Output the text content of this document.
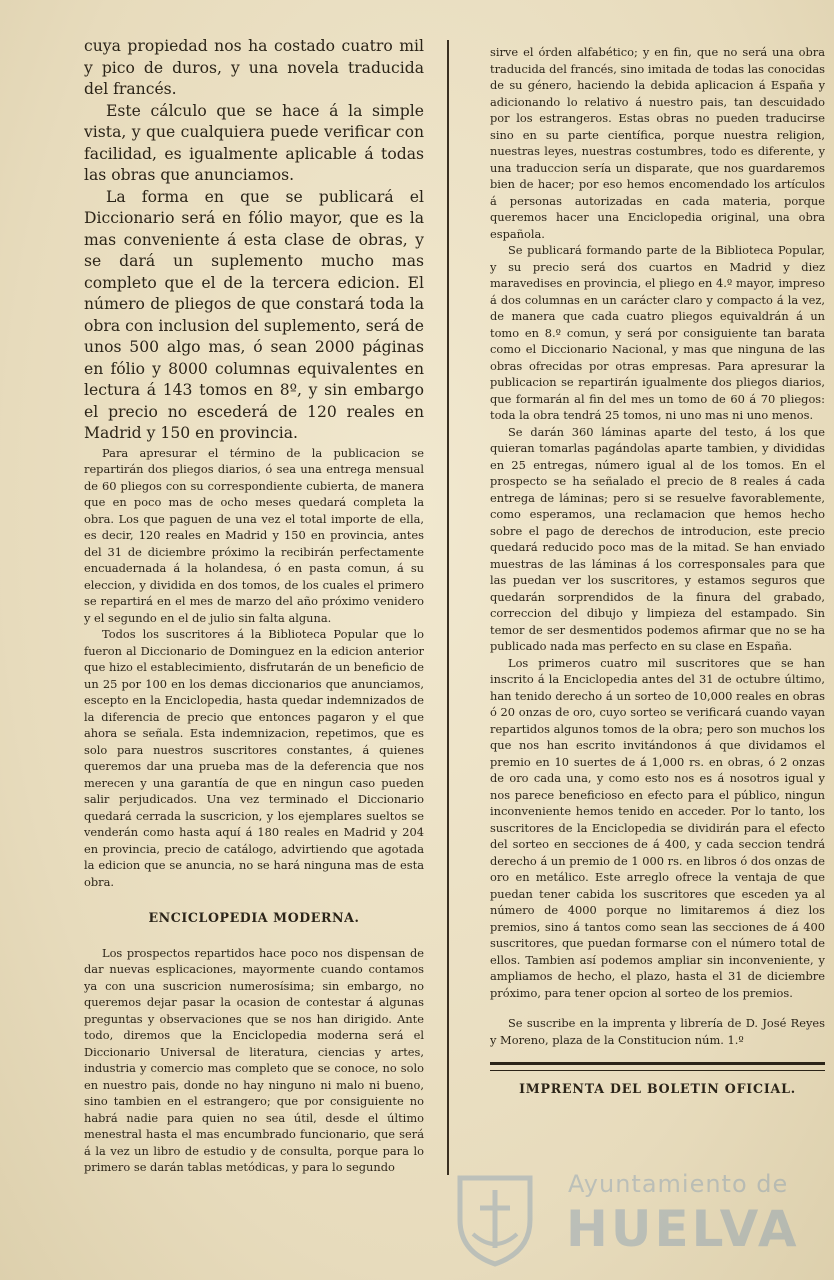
cuya propiedad nos ha costado cuatro mil y pico de duros, y una novela traducida del francés.

Este cálculo que se hace á la simple vista, y que cualquiera puede verificar con facilidad, es igualmente aplicable á todas las obras que anunciamos.

La forma en que se publicará el Diccionario será en fólio mayor, que es la mas conveniente á esta clase de obras, y se dará un suplemento mucho mas completo que el de la tercera edicion. El número de pliegos de que constará toda la obra con inclusion del suplemento, será de unos 500 algo mas, ó sean 2000 páginas en fólio y 8000 columnas equivalentes en lectura á 143 tomos en 8º, y sin embargo el precio no escederá de 120 reales en Madrid y 150 en provincia.

Para apresurar el término de la publicacion se repartirán dos pliegos diarios, ó sea una entrega mensual de 60 pliegos con su correspondiente cubierta, de manera que en poco mas de ocho meses quedará completa la obra. Los que paguen de una vez el total importe de ella, es decir, 120 reales en Madrid y 150 en provincia, antes del 31 de diciembre próximo la recibirán perfectamente encuadernada á la holandesa, ó en pasta comun, á su eleccion, y dividida en dos tomos, de los cuales el primero se repartirá en el mes de marzo del año próximo venidero y el segundo en el de julio sin falta alguna.

Todos los suscritores á la Biblioteca Popular que lo fueron al Diccionario de Dominguez en la edicion anterior que hizo el establecimiento, disfrutarán de un beneficio de un 25 por 100 en los demas diccionarios que anunciamos, escepto en la Enciclopedia, hasta quedar indemnizados de la diferencia de precio que entonces pagaron y el que ahora se señala. Esta indemnizacion, repetimos, que es solo para nuestros suscritores constantes, á quienes queremos dar una prueba mas de la deferencia que nos merecen y una garantía de que en ningun caso pueden salir perjudicados. Una vez terminado el Diccionario quedará cerrada la suscricion, y los ejemplares sueltos se venderán como hasta aquí á 180 reales en Madrid y 204 en provincia, precio de catálogo, advirtiendo que agotada la edicion que se anuncia, no se hará ninguna mas de esta obra.

ENCICLOPEDIA MODERNA.

Los prospectos repartidos hace poco nos dispensan de dar nuevas esplicaciones, mayormente cuando contamos ya con una suscricion numerosísima; sin embargo, no queremos dejar pasar la ocasion de contestar á algunas preguntas y observaciones que se nos han dirigido. Ante todo, diremos que la Enciclopedia moderna será el Diccionario Universal de literatura, ciencias y artes, industria y comercio mas completo que se conoce, no solo en nuestro pais, donde no hay ninguno ni malo ni bueno, sino tambien en el estrangero; que por consiguiente no habrá nadie para quien no sea útil, desde el último menestral hasta el mas encumbrado funcionario, que será á la vez un libro de estudio y de consulta, porque para lo primero se darán tablas metódicas, y para lo segundo

sirve el órden alfabético; y en fin, que no será una obra traducida del francés, sino imitada de todas las conocidas de su género, haciendo la debida aplicacion á España y adicionando lo relativo á nuestro pais, tan descuidado por los estrangeros. Estas obras no pueden traducirse sino en su parte científica, porque nuestra religion, nuestras leyes, nuestras costumbres, todo es diferente, y una traduccion sería un disparate, que nos guardaremos bien de hacer; por eso hemos encomendado los artículos á personas autorizadas en cada materia, porque queremos hacer una Enciclopedia original, una obra española.

Se publicará formando parte de la Biblioteca Popular, y su precio será dos cuartos en Madrid y diez maravedises en provincia, el pliego en 4.º mayor, impreso á dos columnas en un carácter claro y compacto á la vez, de manera que cada cuatro pliegos equivaldrán á un tomo en 8.º comun, y será por consiguiente tan barata como el Diccionario Nacional, y mas que ninguna de las obras ofrecidas por otras empresas. Para apresurar la publicacion se repartirán igualmente dos pliegos diarios, que formarán al fin del mes un tomo de 60 á 70 pliegos: toda la obra tendrá 25 tomos, ni uno mas ni uno menos.

Se darán 360 láminas aparte del testo, á los que quieran tomarlas pagándolas aparte tambien, y divididas en 25 entregas, número igual al de los tomos. En el prospecto se ha señalado el precio de 8 reales á cada entrega de láminas; pero si se resuelve favorablemente, como esperamos, una reclamacion que hemos hecho sobre el pago de derechos de introducion, este precio quedará reducido poco mas de la mitad. Se han enviado muestras de las láminas á los corresponsales para que las puedan ver los suscritores, y estamos seguros que quedarán sorprendidos de la finura del grabado, correccion del dibujo y limpieza del estampado. Sin temor de ser desmentidos podemos afirmar que no se ha publicado nada mas perfecto en su clase en España.

Los primeros cuatro mil suscritores que se han inscrito á la Enciclopedia antes del 31 de octubre último, han tenido derecho á un sorteo de 10,000 reales en obras ó 20 onzas de oro, cuyo sorteo se verificará cuando vayan repartidos algunos tomos de la obra; pero son muchos los que nos han escrito invitándonos á que dividamos el premio en 10 suertes de á 1,000 rs. en obras, ó 2 onzas de oro cada una, y como esto nos es á nosotros igual y nos parece beneficioso en efecto para el público, ningun inconveniente hemos tenido en acceder. Por lo tanto, los suscritores de la Enciclopedia se dividirán para el efecto del sorteo en secciones de á 400, y cada seccion tendrá derecho á un premio de 1 000 rs. en libros ó dos onzas de oro en metálico. Este arreglo ofrece la ventaja de que puedan tener cabida los suscritores que esceden ya al número de 4000 porque no limitaremos á diez los premios, sino á tantos como sean las secciones de á 400 suscritores, que puedan formarse con el número total de ellos. Tambien así podemos ampliar sin inconveniente, y ampliamos de hecho, el plazo, hasta el 31 de diciembre próximo, para tener opcion al sorteo de los premios.

Se suscribe en la imprenta y librería de D. José Reyes y Moreno, plaza de la Constitucion núm. 1.º

IMPRENTA DEL BOLETIN OFICIAL.
Ayuntamiento de
HUELVA
